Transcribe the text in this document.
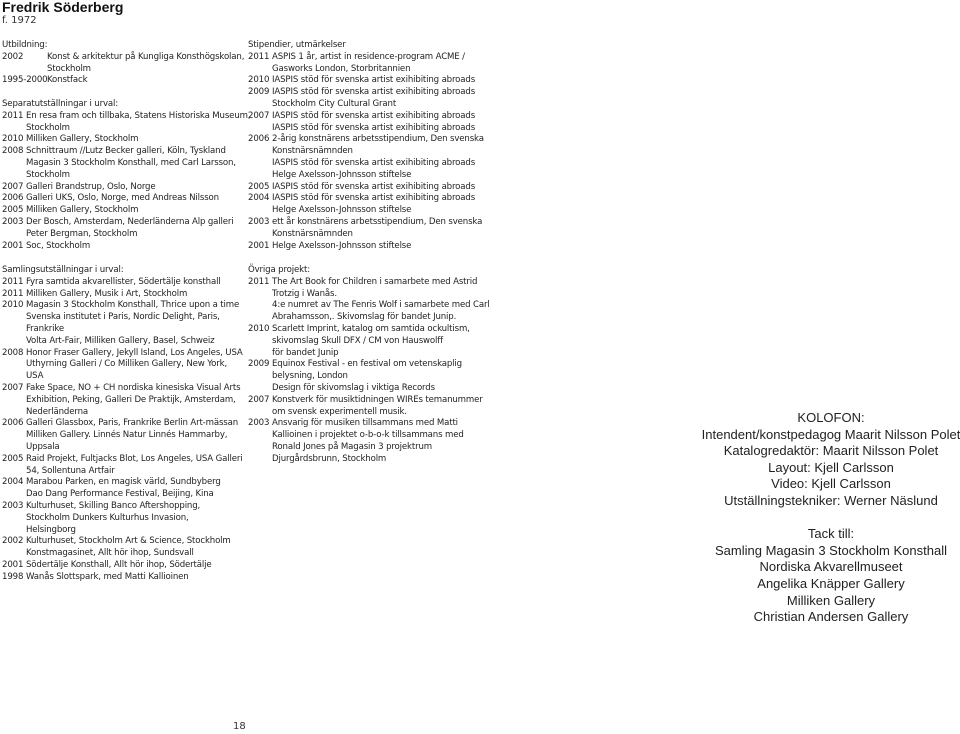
Fredrik Söderberg
f. 1972
Utbildning:
2002	Konst & arkitektur på Kungliga Konsthögskolan,
Stockholm
1995-2000 Konstfack
Separatutställningar i urval:
2011 En resa fram och tillbaka, Statens Historiska Museum,
Stockholm
2010 Milliken Gallery, Stockholm
2008 Schnittraum //Lutz Becker galleri, Köln, Tyskland
Magasin 3 Stockholm Konsthall, med Carl Larsson,
Stockholm
2007 Galleri Brandstrup, Oslo, Norge
2006 Galleri UKS, Oslo, Norge, med Andreas Nilsson
2005 Milliken Gallery, Stockholm
2003 Der Bosch, Amsterdam, Nederländerna Alp galleri
Peter Bergman, Stockholm
2001 Soc, Stockholm
Samlingsutställningar i urval:
2011 Fyra samtida akvarellister, Södertälje konsthall
2011 Milliken Gallery, Musik i Art, Stockholm
2010 Magasin 3 Stockholm Konsthall, Thrice upon a time
Svenska institutet i Paris, Nordic Delight, Paris,
Frankrike
Volta Art-Fair, Milliken Gallery, Basel, Schweiz
2008 Honor Fraser Gallery, Jekyll Island, Los Angeles, USA
Uthyrning Galleri / Co Milliken Gallery, New York,
USA
2007 Fake Space, NO + CH nordiska kinesiska Visual Arts
Exhibition, Peking, Galleri De Praktijk, Amsterdam,
Nederländerna
2006 Galleri Glassbox, Paris, Frankrike Berlin Art-mässan
Milliken Gallery. Linnés Natur Linnés Hammarby,
Uppsala
2005 Raid Projekt, Fultjacks Blot, Los Angeles, USA Galleri
54, Sollentuna Artfair
2004 Marabou Parken, en magisk värld, Sundbyberg
Dao Dang Performance Festival, Beijing, Kina
2003 Kulturhuset, Skilling Banco Aftershopping,
Stockholm Dunkers Kulturhus Invasion,
Helsingborg
2002 Kulturhuset, Stockholm Art & Science, Stockholm
Konstmagasinet, Allt hör ihop, Sundsvall
2001 Södertälje Konsthall, Allt hör ihop, Södertälje
1998 Wanås Slottspark, med Matti Kallioinen
Stipendier, utmärkelser
2011 ASPIS 1 år, artist in residence-program ACME /
Gasworks London, Storbritannien
2010 IASPIS stöd för svenska artist exihibiting abroads
2009 IASPIS stöd för svenska artist exihibiting abroads
Stockholm City Cultural Grant
2007 IASPIS stöd för svenska artist exihibiting abroads
IASPIS stöd för svenska artist exihibiting abroads
2006 2-årig konstnärens arbetsstipendium, Den svenska
Konstnärsnämnden
IASPIS stöd för svenska artist exihibiting abroads
Helge Axelsson-Johnsson stiftelse
2005 IASPIS stöd för svenska artist exihibiting abroads
2004 IASPIS stöd för svenska artist exihibiting abroads
Helge Axelsson-Johnsson stiftelse
2003 ett år konstnärens arbetsstipendium, Den svenska
Konstnärsnämnden
2001 Helge Axelsson-Johnsson stiftelse
Övriga projekt:
2011 The Art Book for Children i samarbete med Astrid
Trotzig i Wanås.
4:e numret av The Fenris Wolf i samarbete med Carl
Abrahamsson,. Skivomslag för bandet Junip.
2010 Scarlett Imprint, katalog om samtida ockultism,
skivomslag Skull DFX / CM von Hauswolff
för bandet Junip
2009 Equinox Festival - en festival om vetenskaplig
belysning, London
Design för skivomslag i viktiga Records
2007 Konstverk för musiktidningen WIREs temanummer
om svensk experimentell musik.
2003 Ansvarig för musiken tillsammans med Matti
Kallioinen i projektet o-b-o-k tillsammans med
Ronald Jones på Magasin 3 projektrum
Djurgårdsbrunn, Stockholm
KOLOFON:
Intendent/konstpedagog Maarit Nilsson Polet
Katalogredaktör: Maarit Nilsson Polet
Layout: Kjell Carlsson
Video: Kjell Carlsson
Utställningstekniker: Werner Näslund
Tack till:
Samling Magasin 3 Stockholm Konsthall
Nordiska Akvarellmuseet
Angelika Knäpper Gallery
Milliken Gallery
Christian Andersen Gallery
18
